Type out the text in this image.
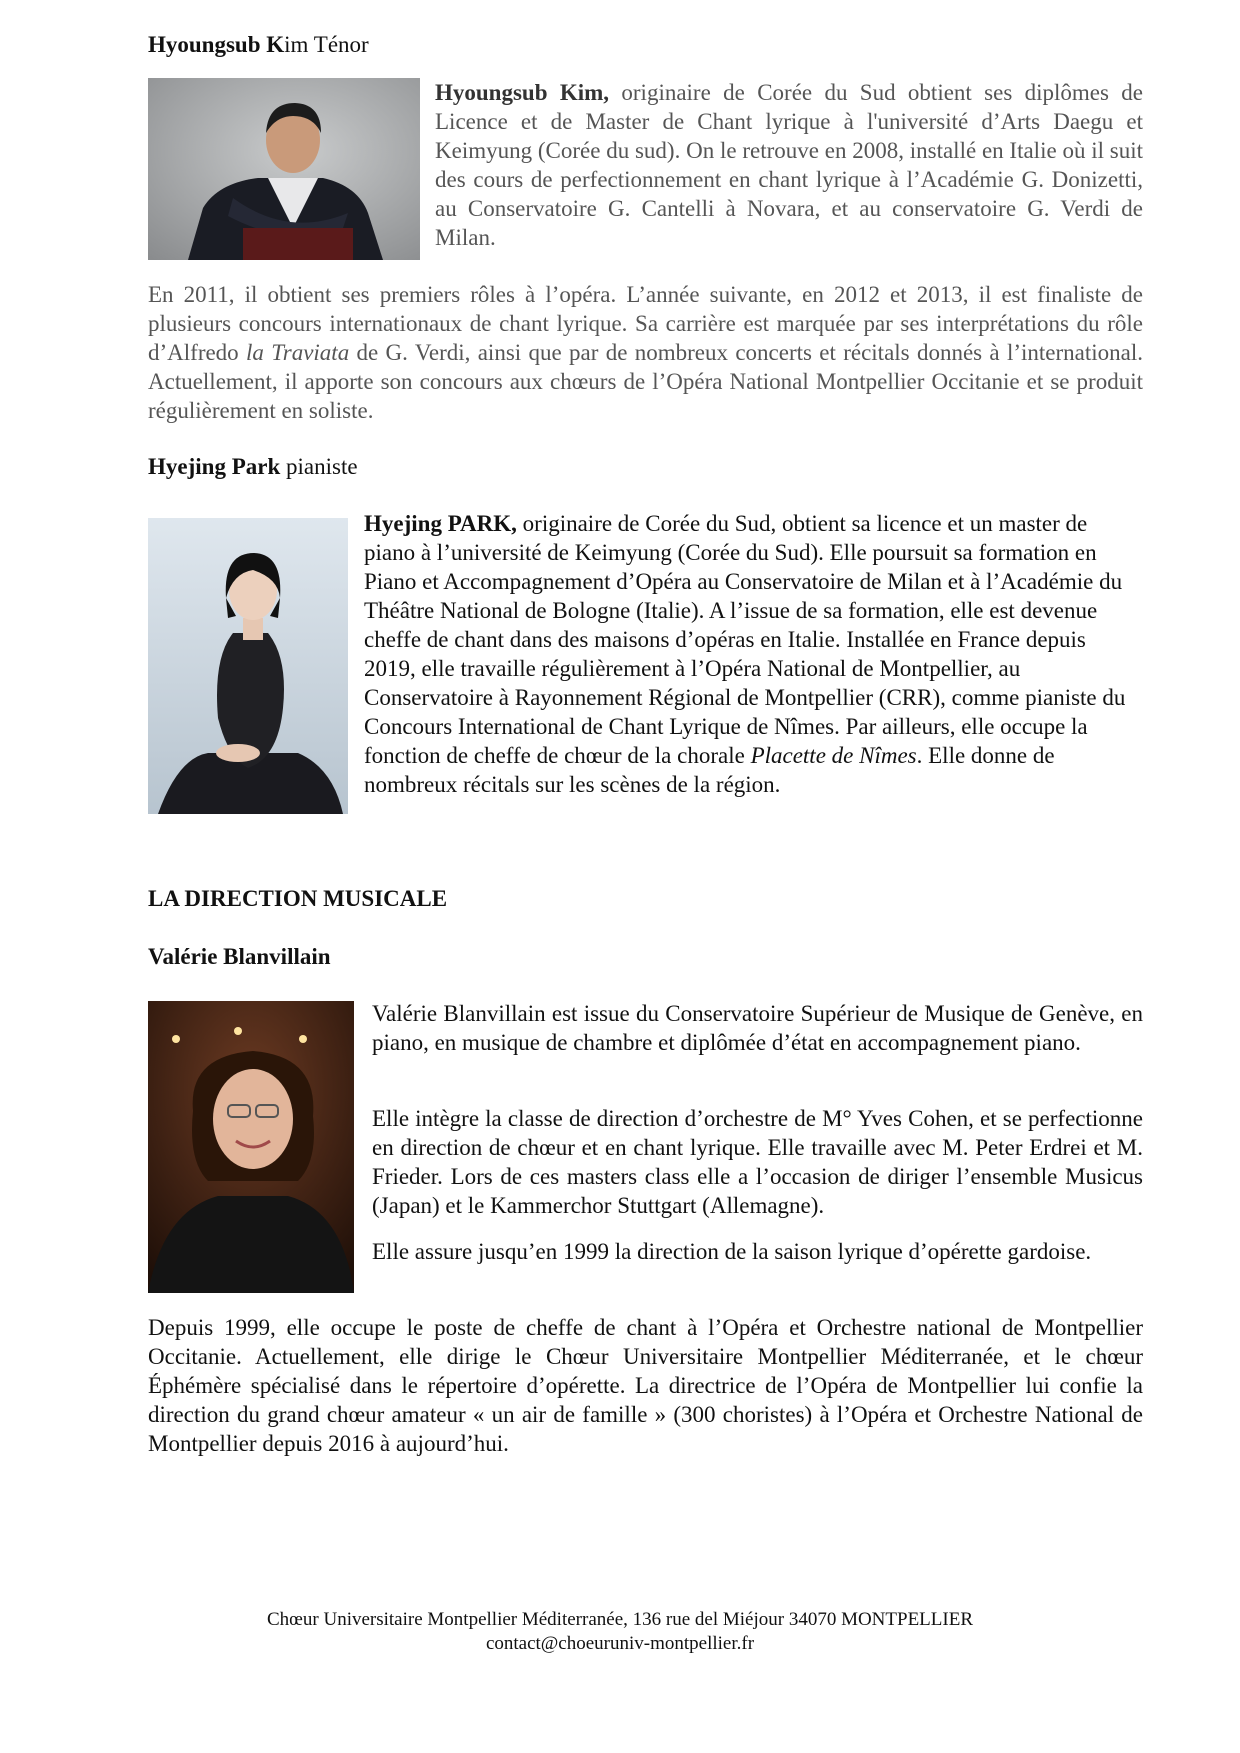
Hyoungsub Kim Ténor

Hyoungsub Kim, originaire de Corée du Sud obtient ses diplômes de Licence et de Master de Chant lyrique à l'université d’Arts Daegu et Keimyung (Corée du sud). On le retrouve en 2008, installé en Italie où il suit des cours de perfectionnement en chant lyrique à l’Académie G. Donizetti, au Conservatoire G. Cantelli à Novara, et au conservatoire G. Verdi de Milan.

En 2011, il obtient ses premiers rôles à l’opéra. L’année suivante, en 2012 et 2013, il est finaliste de plusieurs concours internationaux de chant lyrique. Sa carrière est marquée par ses interprétations du rôle d’Alfredo la Traviata de G. Verdi, ainsi que par de nombreux concerts et récitals donnés à l’international. Actuellement, il apporte son concours aux chœurs de l’Opéra National Montpellier Occitanie et se produit régulièrement en soliste.

Hyejing Park pianiste

Hyejing PARK, originaire de Corée du Sud, obtient sa licence et un master de piano à l’université de Keimyung (Corée du Sud). Elle poursuit sa formation en Piano et Accompagnement d’Opéra au Conservatoire de Milan et à l’Académie du Théâtre National de Bologne (Italie). A l’issue de sa formation, elle est devenue cheffe de chant dans des maisons d’opéras en Italie. Installée en France depuis 2019, elle travaille régulièrement à l’Opéra National de Montpellier, au Conservatoire à Rayonnement Régional de Montpellier (CRR), comme pianiste du Concours International de Chant Lyrique de Nîmes. Par ailleurs, elle occupe la fonction de cheffe de chœur de la chorale Placette de Nîmes. Elle donne de nombreux récitals sur les scènes de la région.

LA DIRECTION MUSICALE
Valérie Blanvillain

Valérie Blanvillain est issue du Conservatoire Supérieur de Musique de Genève, en piano, en musique de chambre et diplômée d’état en accompagnement piano.

Elle intègre la classe de direction d’orchestre de M° Yves Cohen, et se perfectionne en direction de chœur et en chant lyrique. Elle travaille avec M. Peter Erdrei et M. Frieder. Lors de ces masters class elle a l’occasion de diriger l’ensemble Musicus (Japan) et le Kammerchor Stuttgart (Allemagne).

Elle assure jusqu’en 1999 la direction de la saison lyrique d’opérette gardoise.

Depuis 1999, elle occupe le poste de cheffe de chant à l’Opéra et Orchestre national de Montpellier Occitanie. Actuellement, elle dirige le Chœur Universitaire Montpellier Méditerranée, et le chœur Éphémère spécialisé dans le répertoire d’opérette. La directrice de l’Opéra de Montpellier lui confie la direction du grand chœur amateur « un air de famille » (300 choristes) à l’Opéra et Orchestre National de Montpellier depuis 2016 à aujourd’hui.

Chœur Universitaire Montpellier Méditerranée, 136 rue del Miéjour 34070 MONTPELLIER
contact@choeuruniv-montpellier.fr
